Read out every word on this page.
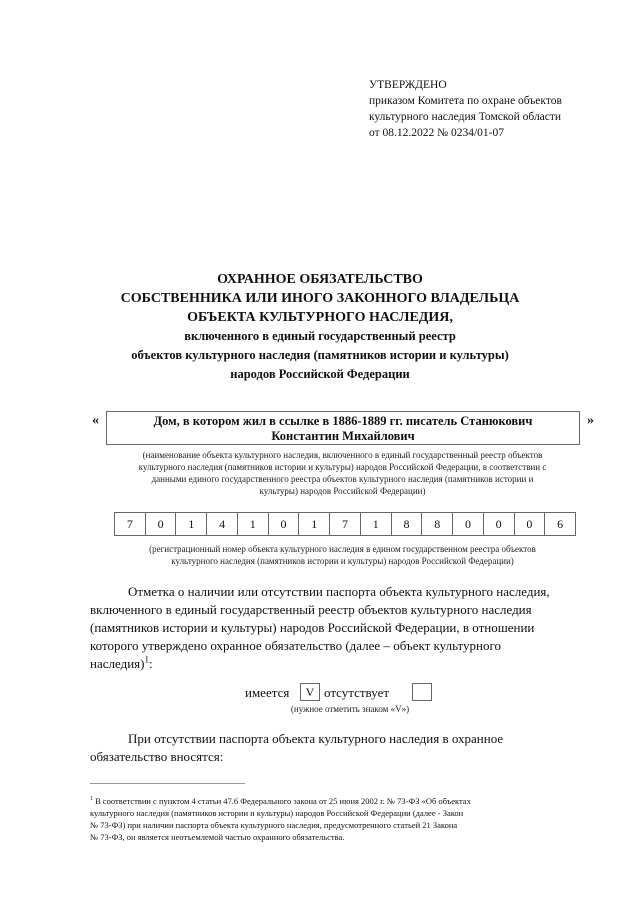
УТВЕРЖДЕНО
приказом Комитета по охране объектов
культурного наследия Томской области
от 08.12.2022 № 0234/01-07
ОХРАННОЕ ОБЯЗАТЕЛЬСТВО
СОБСТВЕННИКА ИЛИ ИНОГО ЗАКОННОГО ВЛАДЕЛЬЦА
ОБЪЕКТА КУЛЬТУРНОГО НАСЛЕДИЯ,
включенного в единый государственный реестр
объектов культурного наследия (памятников истории и культуры)
народов Российской Федерации
«	Дом, в котором жил в ссылке в 1886-1889 гг. писатель Станюкович
Константин Михайлович
»
(наименование объекта культурного наследия, включенного в единый государственный реестр объектов
культурного наследия (памятников истории и культуры) народов Российской Федерации, в соответствии с
данными единого государственного реестра объектов культурного наследия (памятников истории и
культуры) народов Российской Федерации)
7	0	1	4	1	0	1	7	1	8	8	0	0	0	6
(регистрационный номер объекта культурного наследия в едином государственном реестра объектов
культурного наследия (памятников истории и культуры) народов Российской Федерации)
Отметка о наличии или отсутствии паспорта объекта культурного наследия,
включенного в единый государственный реестр объектов культурного наследия
(памятников истории и культуры) народов Российской Федерации, в отношении
которого утверждено охранное обязательство (далее – объект культурного
наследия)$^1$:
имеется	V отсутствует
(нужное отметить знаком «V»)
При отсутствии паспорта объекта культурного наследия в охранное
обязательство вносятся:
$^1$ В соответствии с пунктом 4 статьи 47.6 Федерального закона от 25 июня 2002 г. № 73-ФЗ «Об объектах
культурного наследия (памятников истории и культуры) народов Российской Федерации (далее - Закон
№ 73-ФЗ) при наличии паспорта объекта культурного наследия, предусмотренного статьей 21 Закона
№ 73-ФЗ, он является неотъемлемой частью охранного обязательства.
